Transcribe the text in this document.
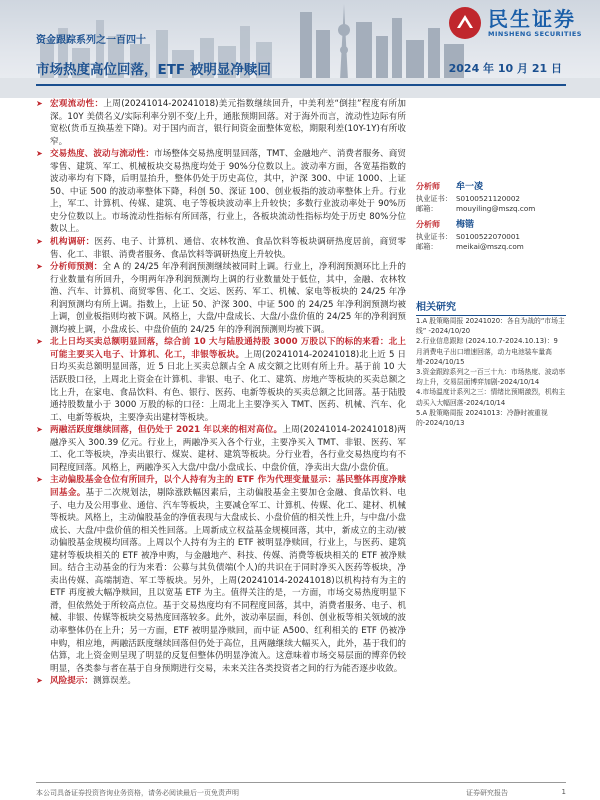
民生证券
MINSHENG SECURITIES
资金跟踪系列之一百四十
市场热度高位回落，ETF 被明显净赎回	2024 年 10 月 21 日
➤ 宏观流动性：上周(20241014-20241018)美元指数继续回升，中美利差“倒挂”程度有所加深。10Y 美债名义/实际利率分别不变/上升，通胀预期回落。对于海外而言，流动性边际有所宽松(货币互换基差下降)。对于国内而言，银行间资金面整体宽松，期限利差(10Y-1Y)有所收窄。
➤ 交易热度、波动与流动性：市场整体交易热度明显回落，TMT、金融地产、消费者服务、商贸零售、建筑、军工、机械板块交易热度均处于 90%分位数以上。波动率方面，各宽基指数的波动率均有下降，后明显抬升，整体仍处于历史高位，其中，沪深 300、中证 1000、上证 50、中证 500 的波动率整体下降，科创 50、深证 100、创业板指的波动率整体上升。行业上，军工、计算机、传媒、建筑、电子等板块波动率上升较快；多数行业波动率处于 90%历史分位数以上。市场流动性指标有所回落，行业上，各板块流动性指标均处于历史 80%分位数以上。
➤ 机构调研：医药、电子、计算机、通信、农林牧渔、食品饮料等板块调研热度居前，商贸零售、化工、非银、消费者服务、食品饮料等调研热度上升较快。
➤ 分析师预测：全 A 的 24/25 年净利润预测继续被同时上调。行业上，净利润预测环比上升的行业数量有所回升，今明两年净利润预测均上调的行业数量处于低位，其中，金融、农林牧渔、汽车、计算机、商贸零售、化工、交运、医药、军工、机械、家电等板块的 24/25 年净利润预测均有所上调。指数上，上证 50、沪深 300、中证 500 的 24/25 年净利润预测均被上调，创业板指则均被下调。风格上，大盘/中盘成长、大盘/小盘价值的 24/25 年的净利润预测均被上调，小盘成长、中盘价值的 24/25 年的净利润预测则均被下调。
➤ 北上日均买卖总额明显回落，综合前 10 大与陆股通持股 3000 万股以下的标的来看：北上可能主要买入电子、计算机、化工，非银等板块。上周(20241014-20241018)北上近 5 日日均买卖总额明显回落，近 5 日北上买卖总额占全 A 成交额之比则有所上升。基于前 10 大活跃股口径，上周北上资金在计算机、非银、电子、化工、建筑、房地产等板块的买卖总额之比上升，在家电、食品饮料、有色、银行、医药、电新等板块的买卖总额之比回落。基于陆股通持股数量小于 3000 万股的标的口径：上周北上主要净买入 TMT、医药、机械、汽车、化工、电新等板块，主要净卖出建材等板块。
➤ 两融活跃度继续回落，但仍处于 2021 年以来的相对高位。上周(20241014-20241018)两融净买入 300.39 亿元。行业上，两融净买入各个行业，主要净买入 TMT、非银、医药、军工、化工等板块，净卖出银行、煤炭、建材、建筑等板块。分行业看，各行业交易热度均有不同程度回落。风格上，两融净买入大盘/中盘/小盘成长、中盘价值，净卖出大盘/小盘价值。
➤ 主动偏股基金仓位有所回升，以个人持有为主的 ETF 作为代理变量显示：基民整体再度净赎回基金。基于二次规划法，剔除涨跌幅因素后，主动偏股基金主要加仓金融、食品饮料、电子、电力及公用事业、通信、汽车等板块，主要减仓军工、计算机、传媒、化工、建材、机械等板块。风格上，主动偏股基金的净值表现与大盘成长、小盘价值的相关性上升，与中盘/小盘成长、大盘/中盘价值的相关性回落。上周新成立权益基金规模回落，其中，新成立的主动/被动偏股基金规模均回落。上周以个人持有为主的 ETF 被明显净赎回，行业上，与医药、建筑建材等板块相关的 ETF 被净申购，与金融地产、科技、传媒、消费等板块相关的 ETF 被净赎回。结合主动基金的行为来看：公募与其负债端(个人)的共识在于同时净买入医药等板块，净卖出传媒、高端制造、军工等板块。另外，上周(20241014-20241018)以机构持有为主的 ETF 再度被大幅净赎回，且以宽基 ETF 为主。值得关注的是，一方面，市场交易热度明显下滑，但依然处于所较高点位。基于交易热度均有不同程度回落，其中，消费者服务、电子、机械、非银、传媒等板块交易热度回落较多。此外，波动率层面，科创、创业板等相关领域的波动率整体仍在上升；另一方面，ETF 被明显净赎回，而中证 A500、红利相关的 ETF 仍被净申购，相应地，两融活跃度继续回落但仍处于高位，且两融继续大幅买入，此外，基于我们的估算，北上资金则呈现了明显的反复但整体仍明显净流入。这意味着市场交易层面的博弈仍较明显，各类参与者在基于自身预期进行交易，未来关注各类投资者之间的行为能否逐步收敛。
➤ 风险提示：测算误差。
分析师	牟一凌
执业证书： S0100521120002
邮箱：	mouyiling@mszq.com
分析师	梅锴
执业证书： S0100522070001
邮箱：	meikai@mszq.com
相关研究
1.A 股策略周报 20241020：各自为战的“市场主线” -2024/10/20
2.行业信息跟踪 (2024.10.7-2024.10.13)：9 月消费电子出口增速回落，动力电池装车量高增-2024/10/15
3.资金跟踪系列之一百三十九：市场热度、波动率均上升，交易层面博弈加剧-2024/10/14
4.市场温度计系列之三：情绪比预期激烈，机构主动买入大幅回落-2024/10/14
5.A 股策略周报 20241013：冷静时被重视的-2024/10/13
本公司具备证券投资咨询业务资格，请务必阅读最后一页免责声明	证券研究报告	1
